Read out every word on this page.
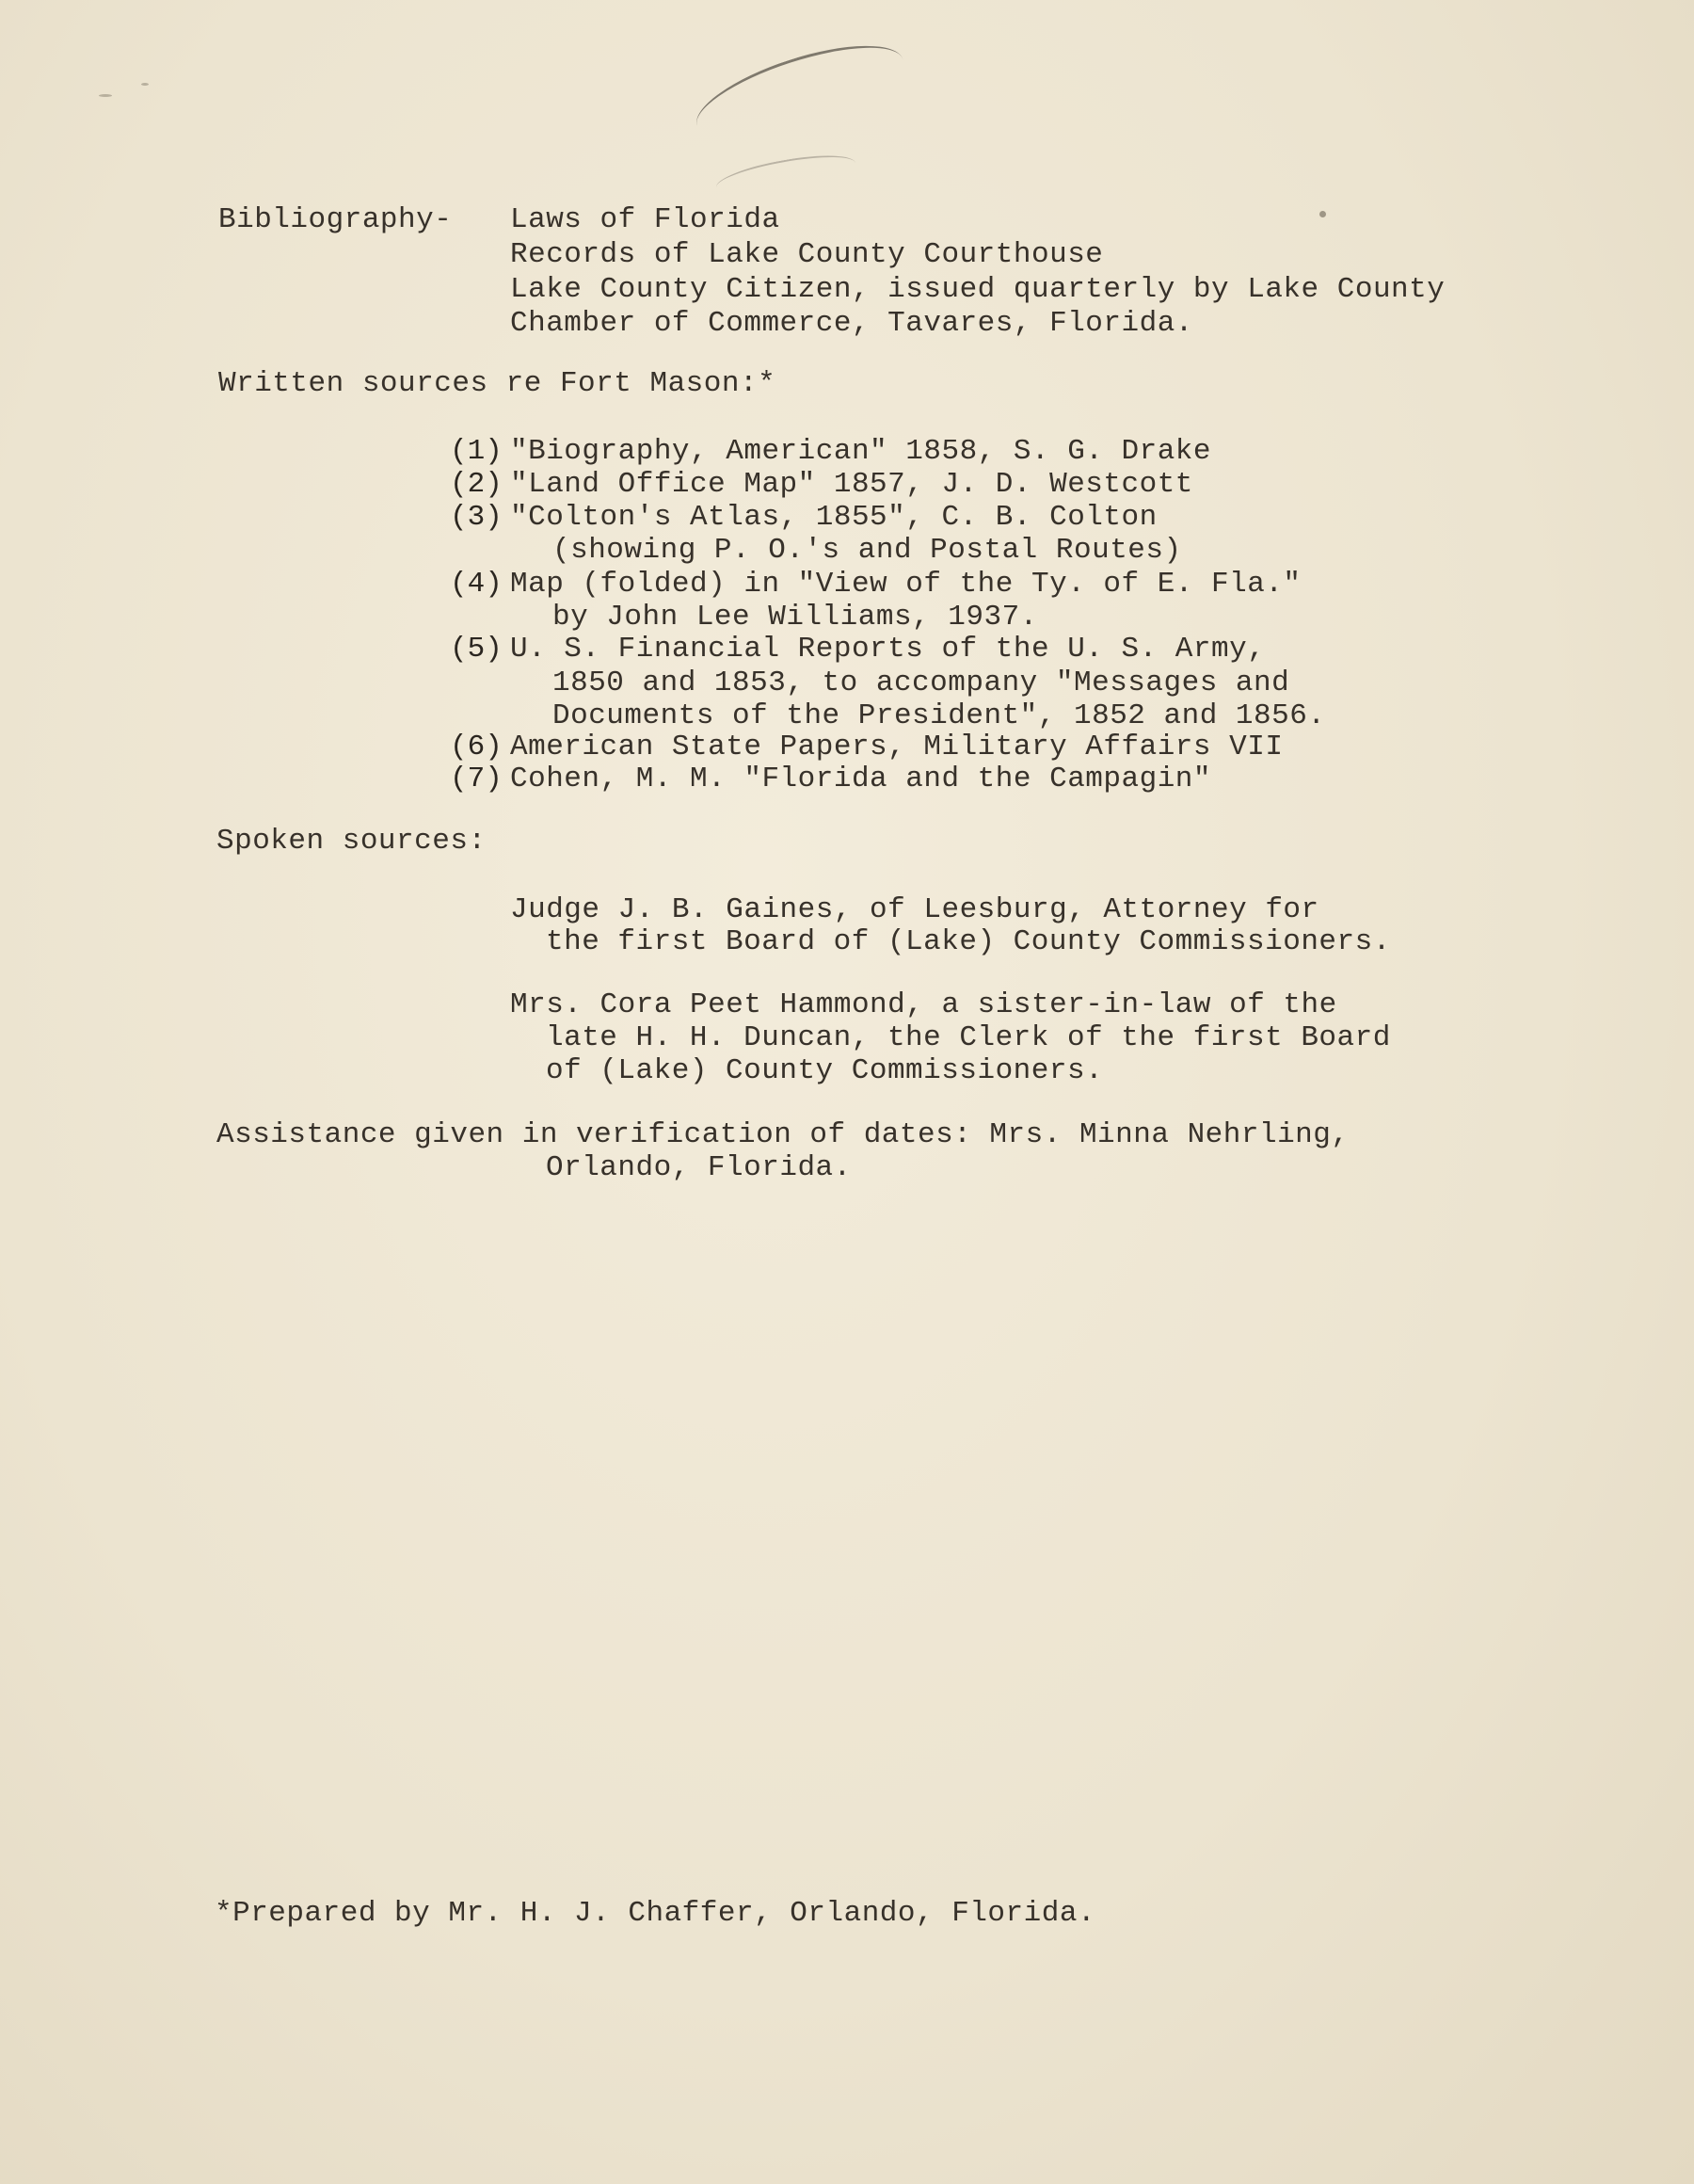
Bibliography- Laws of Florida
Records of Lake County Courthouse
Lake County Citizen, issued quarterly by Lake County
Chamber of Commerce, Tavares, Florida.
Written sources re Fort Mason:*
(1) "Biography, American" 1858, S. G. Drake
(2) "Land Office Map" 1857, J. D. Westcott
(3) "Colton's Atlas, 1855", C. B. Colton
(showing P. O.'s and Postal Routes)
(4) Map (folded) in "View of the Ty. of E. Fla."
by John Lee Williams, 1937.
(5) U. S. Financial Reports of the U. S. Army,
1850 and 1853, to accompany "Messages and
Documents of the President", 1852 and 1856.
(6) American State Papers, Military Affairs VII
(7) Cohen, M. M. "Florida and the Campagin"
Spoken sources:
Judge J. B. Gaines, of Leesburg, Attorney for
the first Board of (Lake) County Commissioners.
Mrs. Cora Peet Hammond, a sister-in-law of the
late H. H. Duncan, the Clerk of the first Board
of (Lake) County Commissioners.
Assistance given in verification of dates: Mrs. Minna Nehrling,
Orlando, Florida.
*Prepared by Mr. H. J. Chaffer, Orlando, Florida.
